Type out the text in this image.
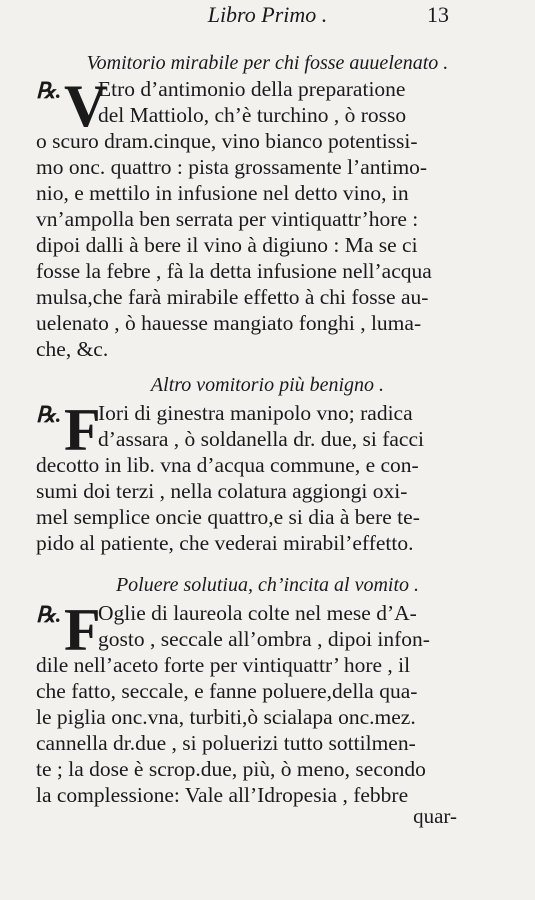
Libro Primo .	13
Vomitorio mirabile per chi fosse auuelenato .
℞. V
Etro d’antimonio della preparatione
del Mattiolo, ch’è turchino , ò rosso
o scuro dram.cinque, vino bianco potentissi-
mo onc. quattro : pista grossamente l’antimo-
nio, e mettilo in infusione nel detto vino, in
vn’ampolla ben serrata per vintiquattr’hore :
dipoi dalli à bere il vino à digiuno : Ma se ci
fosse la febre , fà la detta infusione nell’acqua
mulsa,che farà mirabile effetto à chi fosse au-
uelenato , ò hauesse mangiato fonghi , luma-
che, &c.
Altro vomitorio più benigno .
℞. F
Iori di ginestra manipolo vno; radica
d’assara , ò soldanella dr. due, si facci
decotto in lib. vna d’acqua commune, e con-
sumi doi terzi , nella colatura aggiongi oxi-
mel semplice oncie quattro,e si dia à bere te-
pido al patiente, che vederai mirabil’effetto.
Poluere solutiua, ch’incita al vomito .
℞. F
Oglie di laureola colte nel mese d’A-
gosto , seccale all’ombra , dipoi infon-
dile nell’aceto forte per vintiquattr’ hore , il
che fatto, seccale, e fanne poluere,della qua-
le piglia onc.vna, turbiti,ò scialapa onc.mez.
cannella dr.due , si poluerizi tutto sottilmen-
te ; la dose è scrop.due, più, ò meno, secondo
la complessione: Vale all’Idropesia , febbre
quar-
